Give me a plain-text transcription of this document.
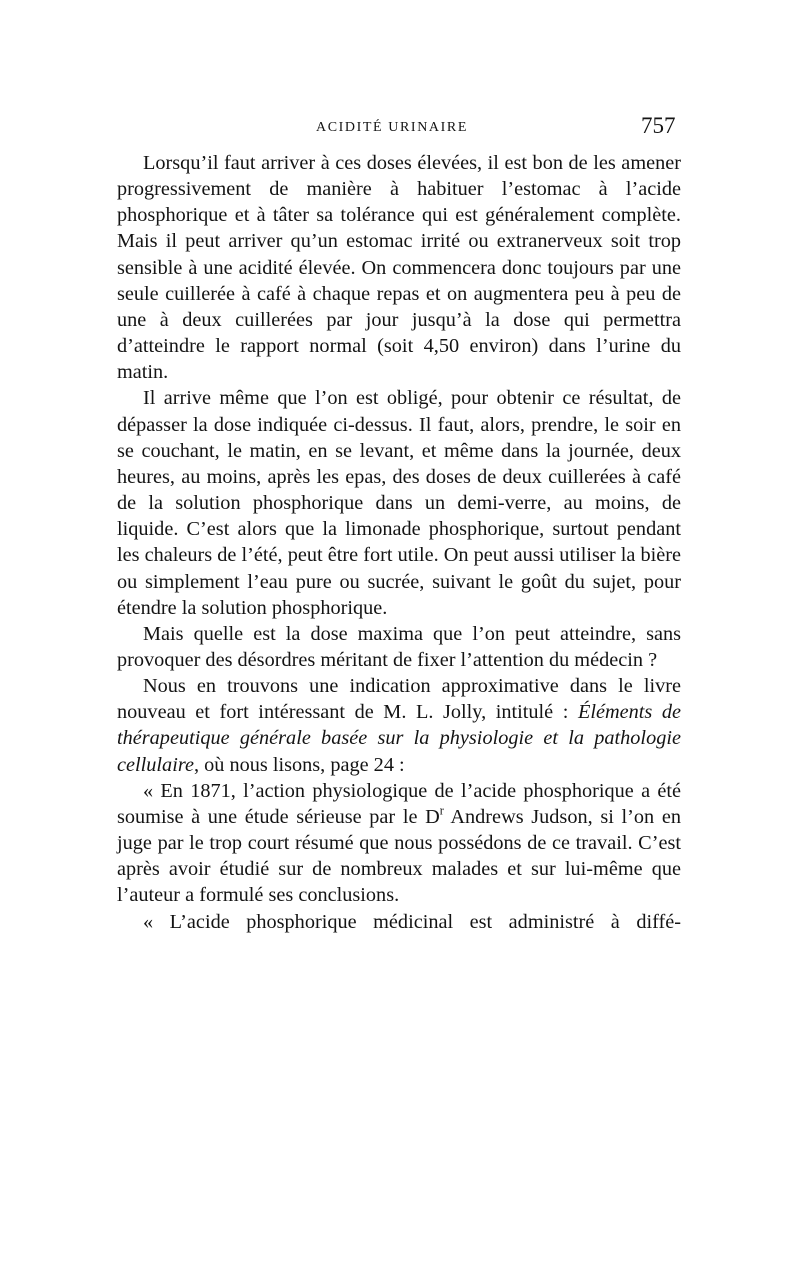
ACIDITÉ URINAIRE	757

Lorsqu’il faut arriver à ces doses élevées, il est bon de les amener progressivement de manière à habituer l’estomac à l’acide phosphorique et à tâter sa tolérance qui est généralement complète. Mais il peut arriver qu’un estomac irrité ou extranerveux soit trop sensible à une acidité élevée. On commencera donc toujours par une seule cuillerée à café à chaque repas et on augmentera peu à peu de une à deux cuillerées par jour jusqu’à la dose qui permettra d’atteindre le rapport normal (soit 4,50 environ) dans l’urine du matin.

Il arrive même que l’on est obligé, pour obtenir ce résultat, de dépasser la dose indiquée ci-dessus. Il faut, alors, prendre, le soir en se couchant, le matin, en se levant, et même dans la journée, deux heures, au moins, après les epas, des doses de deux cuillerées à café de la solution phosphorique dans un demi-verre, au moins, de liquide. C’est alors que la limonade phosphorique, surtout pendant les chaleurs de l’été, peut être fort utile. On peut aussi utiliser la bière ou simplement l’eau pure ou sucrée, suivant le goût du sujet, pour étendre la solution phosphorique.

Mais quelle est la dose maxima que l’on peut atteindre, sans provoquer des désordres méritant de fixer l’attention du médecin ?

Nous en trouvons une indication approximative dans le livre nouveau et fort intéressant de M. L. Jolly, intitulé : Éléments de thérapeutique générale basée sur la physiologie et la pathologie cellulaire, où nous lisons, page 24 :

« En 1871, l’action physiologique de l’acide phosphorique a été soumise à une étude sérieuse par le $D^r$ Andrews Judson, si l’on en juge par le trop court résumé que nous possédons de ce travail. C’est après avoir étudié sur de nombreux malades et sur lui-même que l’auteur a formulé ses conclusions.

« L’acide phosphorique médicinal est administré à diffé-
